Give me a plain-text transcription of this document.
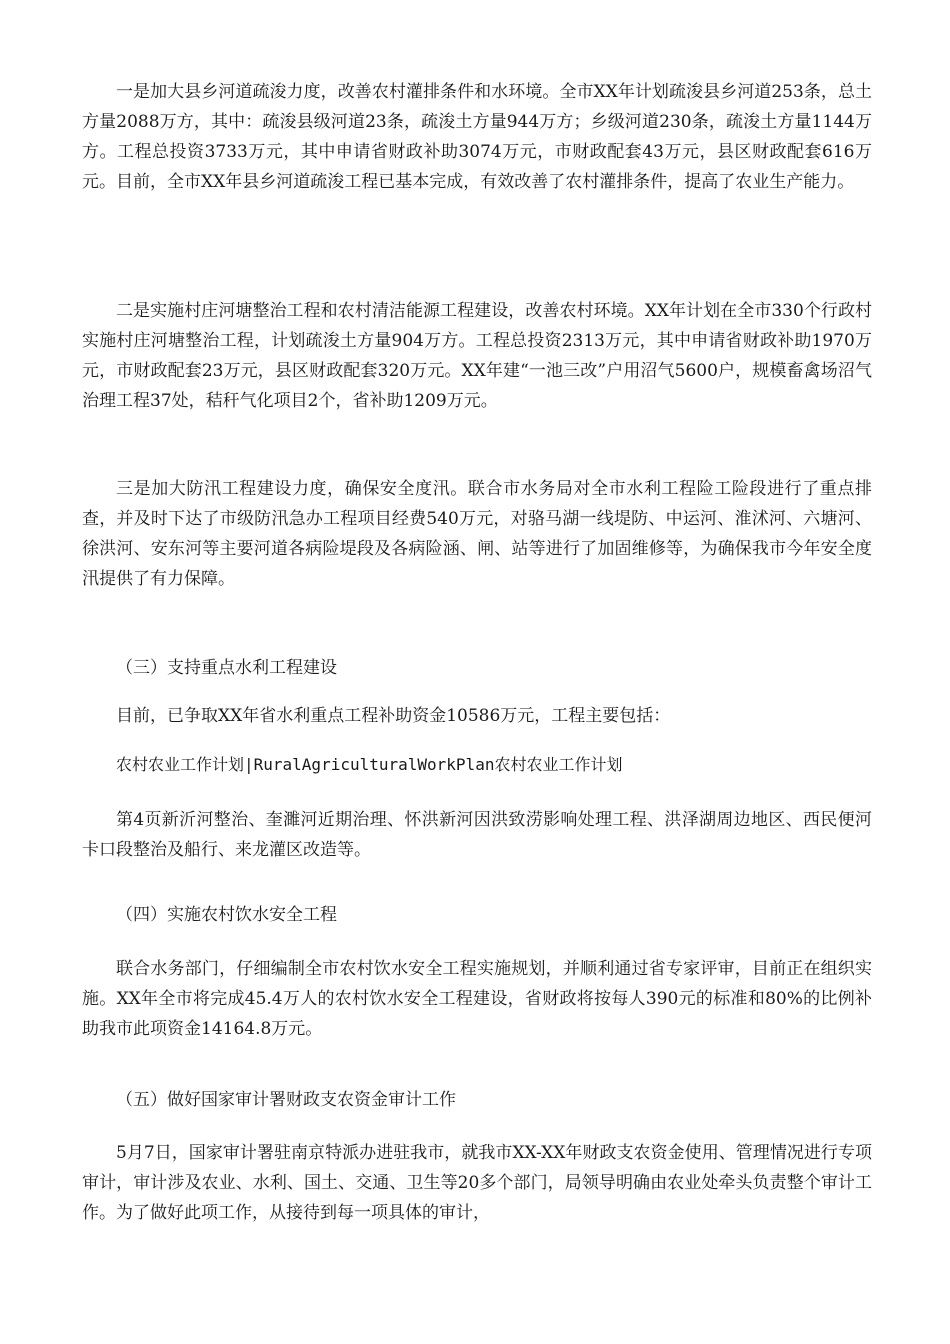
一是加大县乡河道疏浚力度，改善农村灌排条件和水环境。全市XX年计划疏浚县乡河道253条，总土方量2088万方，其中：疏浚县级河道23条，疏浚土方量944万方；乡级河道230条，疏浚土方量1144万方。工程总投资3733万元，其中申请省财政补助3074万元，市财政配套43万元，县区财政配套616万元。目前，全市XX年县乡河道疏浚工程已基本完成，有效改善了农村灌排条件，提高了农业生产能力。

二是实施村庄河塘整治工程和农村清洁能源工程建设，改善农村环境。XX年计划在全市330个行政村实施村庄河塘整治工程，计划疏浚土方量904万方。工程总投资2313万元，其中申请省财政补助1970万元，市财政配套23万元，县区财政配套320万元。XX年建“一池三改”户用沼气5600户，规模畜禽场沼气治理工程37处，秸秆气化项目2个，省补助1209万元。

三是加大防汛工程建设力度，确保安全度汛。联合市水务局对全市水利工程险工险段进行了重点排查，并及时下达了市级防汛急办工程项目经费540万元，对骆马湖一线堤防、中运河、淮沭河、六塘河、徐洪河、安东河等主要河道各病险堤段及各病险涵、闸、站等进行了加固维修等，为确保我市今年安全度汛提供了有力保障。

（三）支持重点水利工程建设

目前，已争取XX年省水利重点工程补助资金10586万元，工程主要包括：

农村农业工作计划|RuralAgriculturalWorkPlan农村农业工作计划

第4页新沂河整治、奎濉河近期治理、怀洪新河因洪致涝影响处理工程、洪泽湖周边地区、西民便河卡口段整治及船行、来龙灌区改造等。

（四）实施农村饮水安全工程

联合水务部门，仔细编制全市农村饮水安全工程实施规划，并顺利通过省专家评审，目前正在组织实施。XX年全市将完成45.4万人的农村饮水安全工程建设，省财政将按每人390元的标准和80%的比例补助我市此项资金14164.8万元。

（五）做好国家审计署财政支农资金审计工作

5月7日，国家审计署驻南京特派办进驻我市，就我市XX-XX年财政支农资金使用、管理情况进行专项审计，审计涉及农业、水利、国土、交通、卫生等20多个部门，局领导明确由农业处牵头负责整个审计工作。为了做好此项工作，从接待到每一项具体的审计，
